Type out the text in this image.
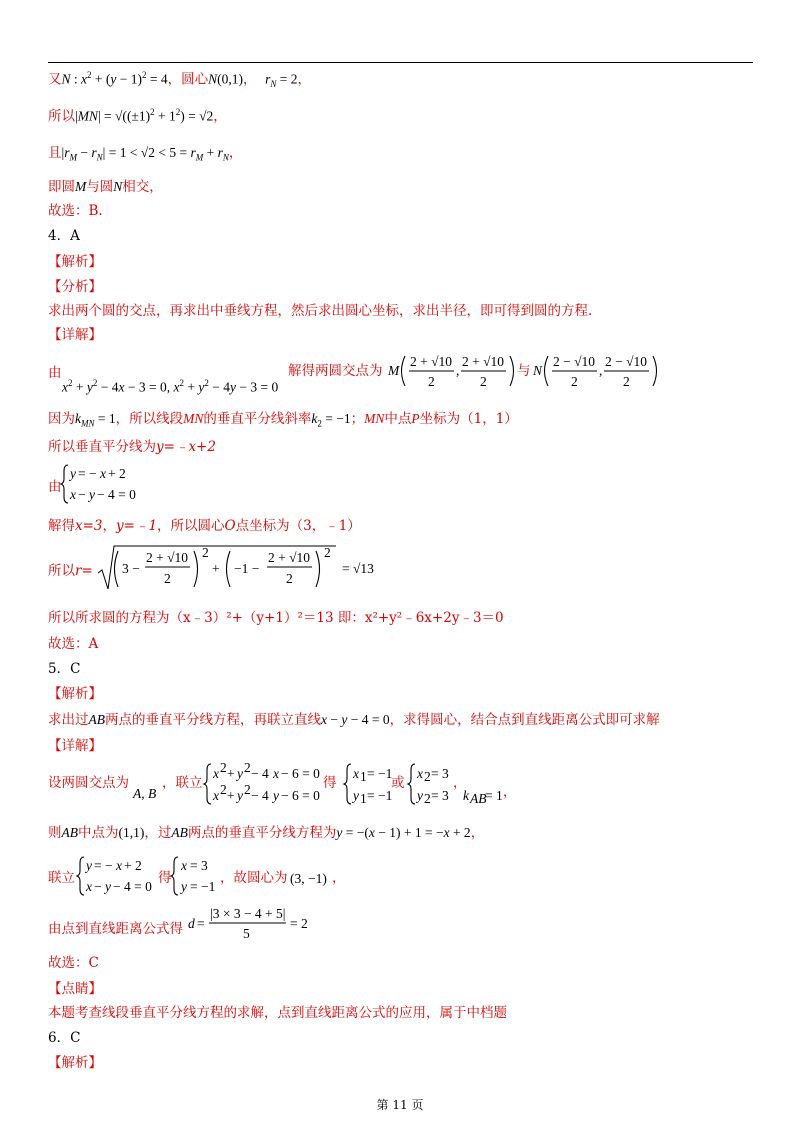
又N : $x^2 + (y - 1)^2 = 4$，圆心N(0,1)， $r_N = 2$，
所以$|MN| = √((\pm 1)^2 + 1^2) = √2$，
且$|r_M - r_N| = 1 < √2 < 5 = r_M + r_N$，
即圆M与圆N相交，
故选：B.
4．A
【解析】
【分析】
求出两个圆的交点，再求出中垂线方程，然后求出圆心坐标，求出半径，即可得到圆的方程.
【详解】
由
$x^2 + y^2 - 4x - 3 = 0$, $x^2 + y^2 - 4y - 3 = 0$
解得两圆交点为 M
2 + √10
2
,
2 + √10
2
与 N
2 − √10
2
,
2 − √10
2
因为$k_{MN} = 1$，所以线段MN的垂直平分线斜率$k_2 = -1$；MN中点P坐标为（1，1）
所以垂直平分线为y=﹣x+2
由
y = − x + 2
x − y − 4 = 0
解得x=3，y=﹣1，所以圆心O点坐标为（3，﹣1）
所以r= 3 −
2 + √10
2
2
+ −1 −
2 + √10
2
2
= √13
所以所求圆的方程为（x﹣3）²+（y+1）²＝13 即：x²+y²﹣6x+2y﹣3＝0
故选：A
5．C
【解析】
求出过AB两点的垂直平分线方程，再联立直线x − y − 4 = 0，求得圆心，结合点到直线距离公式即可求解
【详解】
设两圆交点为
A, B
，联立
x 2 + y 2 − 4 x − 6 = 0
x 2 + y 2 − 4 y − 6 = 0
x 1 = −1
y 1 = −1
x 2 = 3
y 2 = 3 k AB
= 1
得	或	，
，
则AB中点为(1,1)，过AB两点的垂直平分线方程为y = −(x − 1) + 1 = −x + 2，
联立
y = − x + 2
x − y − 4 = 0
x = 3
y = −1
(3, −1)
得	，故圆心为	，
由点到直线距离公式得 d =
|3 × 3 − 4 + 5|
5
= 2
故选：C
【点睛】
本题考查线段垂直平分线方程的求解，点到直线距离公式的应用，属于中档题
6．C
【解析】
第 11 页
